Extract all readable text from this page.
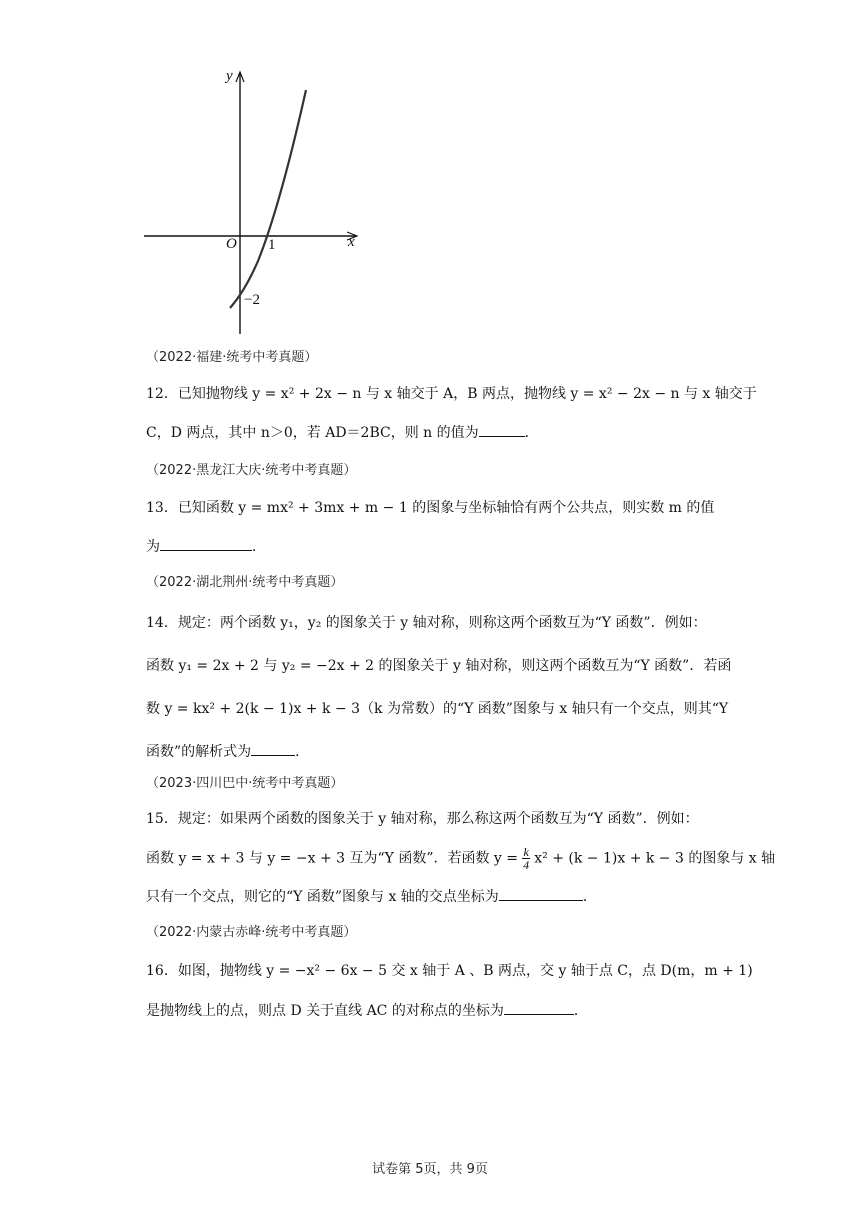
y
x
O 1
−2
（2022·福建·统考中考真题）
12．已知抛物线 y = x² + 2x − n 与 x 轴交于 A，B 两点，抛物线 y = x² − 2x − n 与 x 轴交于
C，D 两点，其中 n＞0，若 AD＝2BC，则 n 的值为	．
（2022·黑龙江大庆·统考中考真题）
13．已知函数 y = mx² + 3mx + m − 1 的图象与坐标轴恰有两个公共点，则实数 m 的值
为	．
（2022·湖北荆州·统考中考真题）
14．规定：两个函数 y₁，y₂ 的图象关于 y 轴对称，则称这两个函数互为“Y 函数”．例如：
函数 y₁ = 2x + 2 与 y₂ = −2x + 2 的图象关于 y 轴对称，则这两个函数互为“Y 函数”．若函
数 y = kx² + 2(k − 1)x + k − 3（k 为常数）的“Y 函数”图象与 x 轴只有一个交点，则其“Y
函数”的解析式为	．
（2023·四川巴中·统考中考真题）
15．规定：如果两个函数的图象关于 y 轴对称，那么称这两个函数互为“Y 函数”．例如：
函数 y = x + 3 与 y = −x + 3 互为“Y 函数”．若函数 $y = \frac{k}{4} x^2 + (k - 1)x + k - 3$ 的图象与 x 轴
只有一个交点，则它的“Y 函数”图象与 x 轴的交点坐标为	．
（2022·内蒙古赤峰·统考中考真题）
16．如图，抛物线 y = −x² − 6x − 5 交 x 轴于 A 、B 两点，交 y 轴于点 C，点 D(m，m + 1)
是抛物线上的点，则点 D 关于直线 AC 的对称点的坐标为	．
试卷第 5页，共 9页
